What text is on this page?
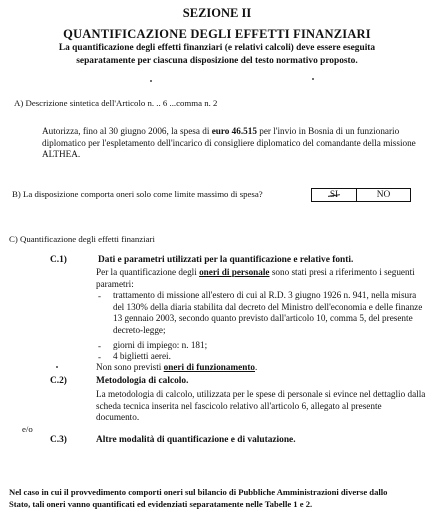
SEZIONE II
QUANTIFICAZIONE DEGLI EFFETTI FINANZIARI
La quantificazione degli effetti finanziari (e relativi calcoli) deve essere eseguita
separatamente per ciascuna disposizione del testo normativo proposto.
A) Descrizione sintetica dell'Articolo n. .. 6 ...comma n. 2
Autorizza, fino al 30 giugno 2006, la spesa di euro 46.515 per l'invio in Bosnia di un funzionario diplomatico per l'espletamento dell'incarico di consigliere diplomatico del comandante della missione ALTHEA.
B) La disposizione comporta oneri solo come limite massimo di spesa?	SI	NO
C) Quantificazione degli effetti finanziari
C.1)	Dati e parametri utilizzati per la quantificazione e relative fonti.
Per la quantificazione degli oneri di personale sono stati presi a riferimento i seguenti parametri:
- trattamento di missione all'estero di cui al R.D. 3 giugno 1926 n. 941, nella misura del 130% della diaria stabilita dal decreto del Ministro dell'economia e delle finanze 13 gennaio 2003, secondo quanto previsto dall'articolo 10, comma 5, del presente decreto-legge;
- giorni di impiego: n. 181;
- 4 biglietti aerei.
Non sono previsti oneri di funzionamento.
C.2)	Metodologia di calcolo.
La metodologia di calcolo, utilizzata per le spese di personale si evince nel dettaglio dalla scheda tecnica inserita nel fascicolo relativo all'articolo 6, allegato al presente documento.
e/o
C.3)	Altre modalità di quantificazione e di valutazione.
Nel caso in cui il provvedimento comporti oneri sul bilancio di Pubbliche Amministrazioni diverse dallo
Stato, tali oneri vanno quantificati ed evidenziati separatamente nelle Tabelle 1 e 2.
